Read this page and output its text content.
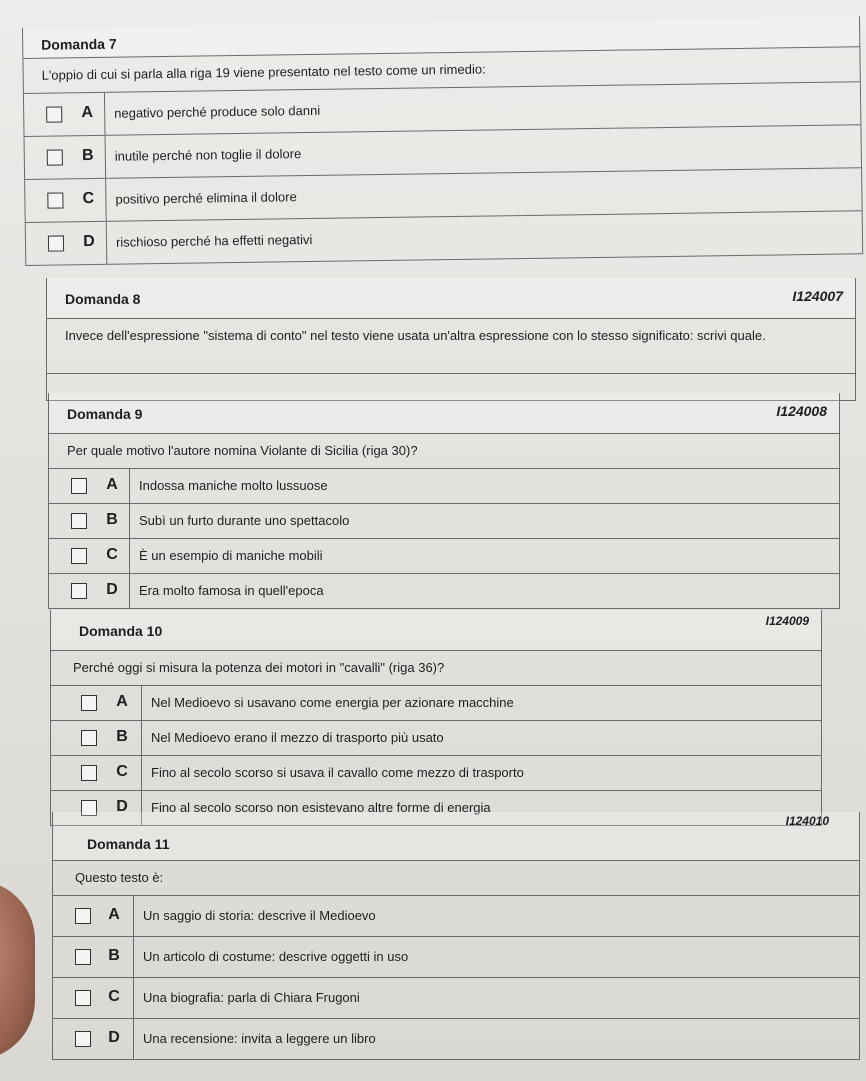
Domanda 7
L'oppio di cui si parla alla riga 19 viene presentato nel testo come un rimedio:
A	negativo perché produce solo danni
B	inutile perché non toglie il dolore
C	positivo perché elimina il dolore
D	rischioso perché ha effetti negativi
Domanda 8	I124007
Invece dell'espressione "sistema di conto" nel testo viene usata un'altra espressione con lo stesso significato: scrivi quale.
Domanda 9	I124008
Per quale motivo l'autore nomina Violante di Sicilia (riga 30)?
A	Indossa maniche molto lussuose
B	Subì un furto durante uno spettacolo
C	È un esempio di maniche mobili
D	Era molto famosa in quell'epoca
Domanda 10
I124009
Perché oggi si misura la potenza dei motori in "cavalli" (riga 36)?
A	Nel Medioevo si usavano come energia per azionare macchine
B	Nel Medioevo erano il mezzo di trasporto più usato
C	Fino al secolo scorso si usava il cavallo come mezzo di trasporto
D	Fino al secolo scorso non esistevano altre forme di energia
Domanda 11
I124010
Questo testo è:
A	Un saggio di storia: descrive il Medioevo
B	Un articolo di costume: descrive oggetti in uso
C	Una biografia: parla di Chiara Frugoni
D	Una recensione: invita a leggere un libro
